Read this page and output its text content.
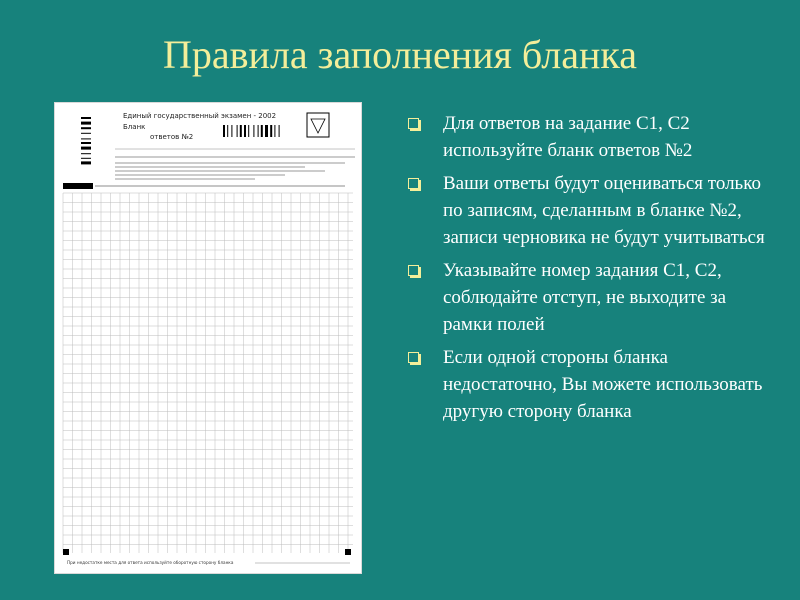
Правила заполнения бланка
Единый государственный экзамен - 2002
Бланк
ответов №2
При недостатке места для ответа используйте оборотную сторону бланка
Для ответов на задание С1, С2 используйте бланк ответов №2
Ваши ответы будут оцениваться только по записям, сделанным в бланке №2, записи черновика не будут учитываться
Указывайте номер задания С1, С2, соблюдайте отступ, не выходите за рамки полей
Если одной стороны бланка недостаточно, Вы можете использовать другую сторону бланка
